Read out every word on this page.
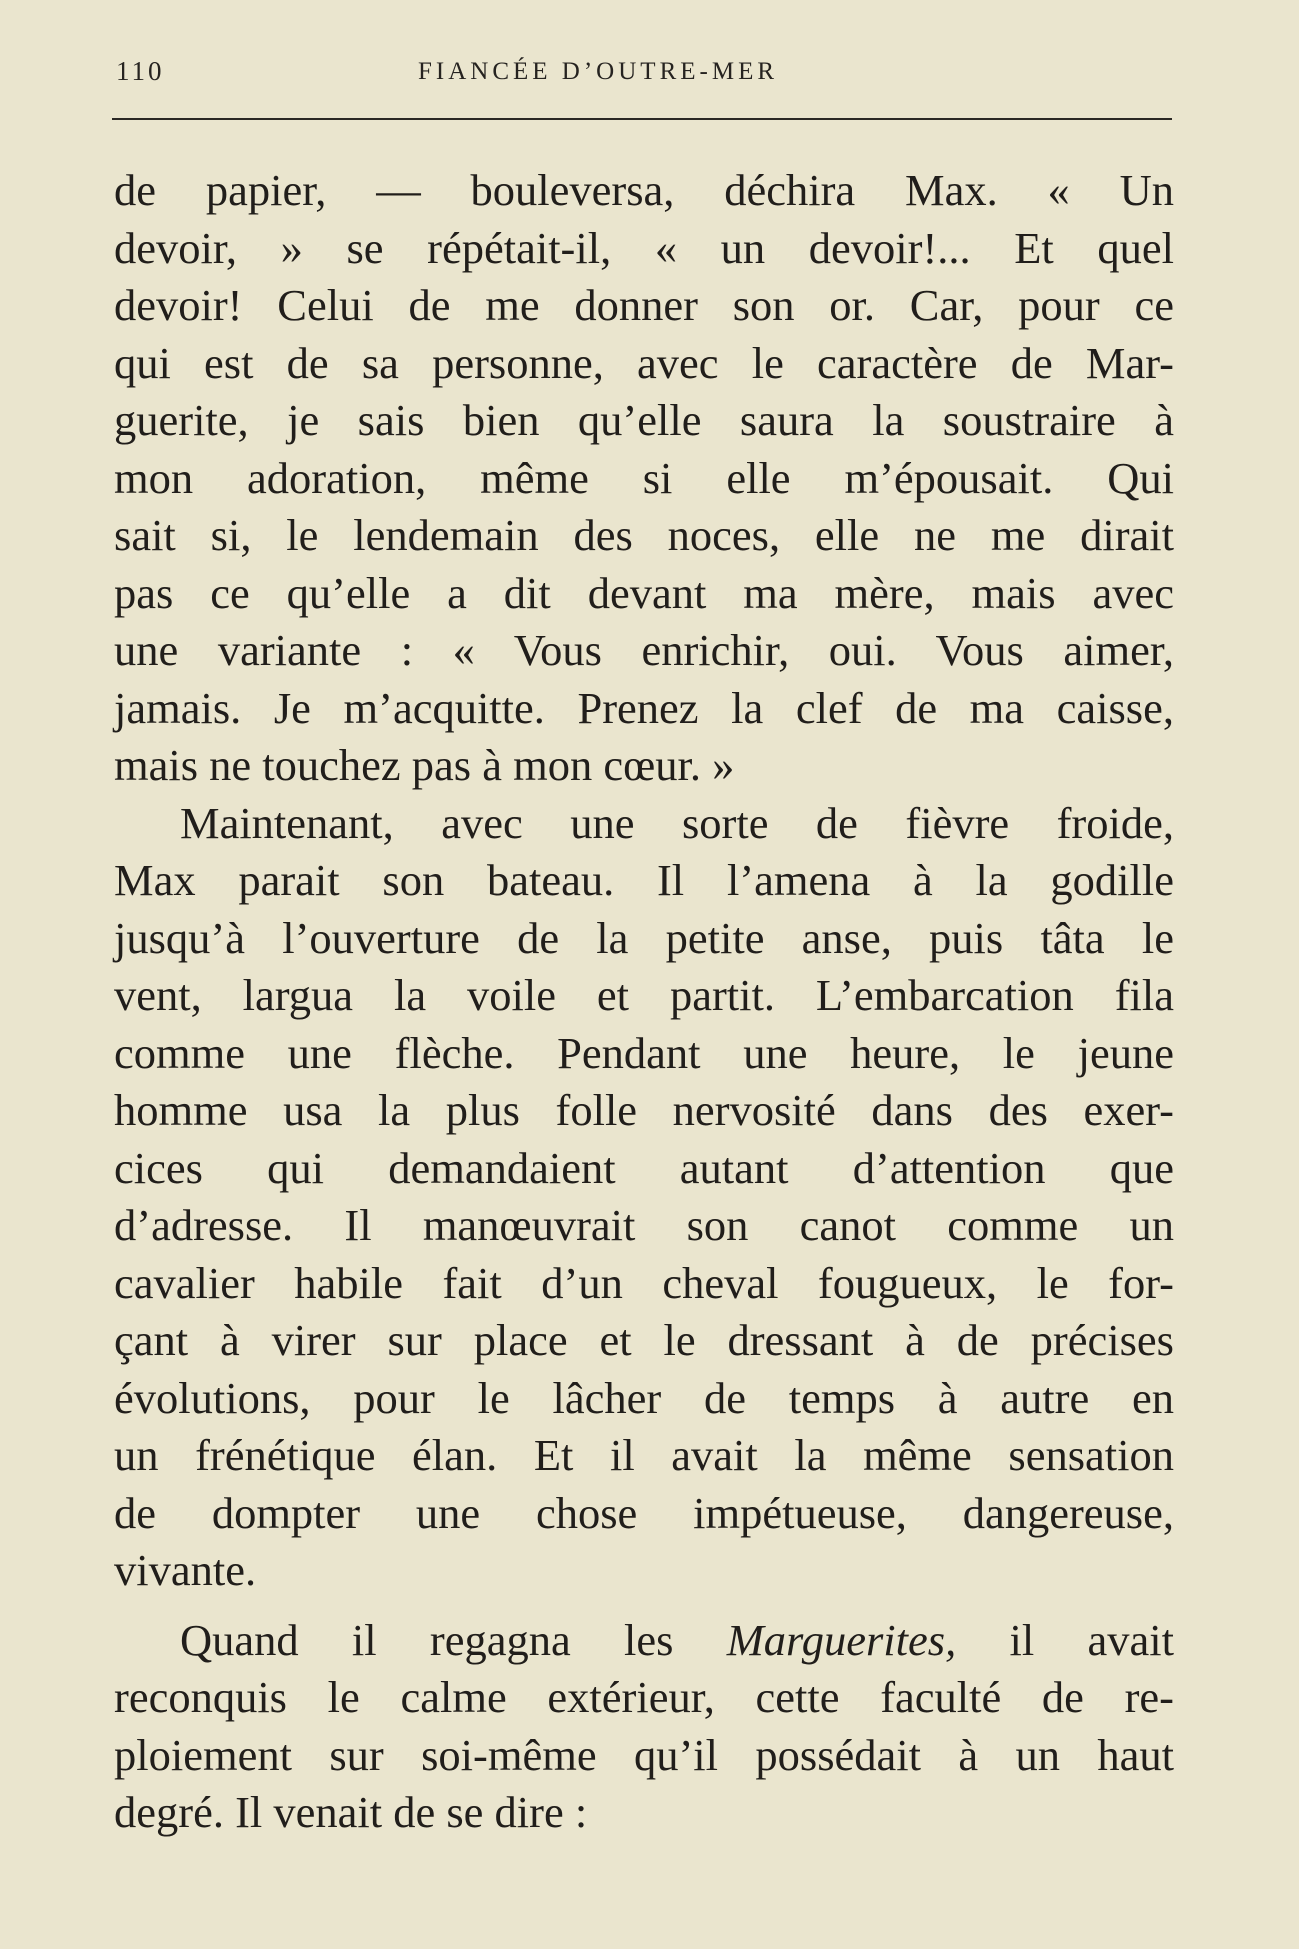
110	FIANCÉE D’OUTRE-MER
de papier, — bouleversa, déchira Max. « Un
devoir, » se répétait-il, « un devoir!... Et quel
devoir! Celui de me donner son or. Car, pour ce
qui est de sa personne, avec le caractère de Mar-
guerite, je sais bien qu’elle saura la soustraire à
mon adoration, même si elle m’épousait. Qui
sait si, le lendemain des noces, elle ne me dirait
pas ce qu’elle a dit devant ma mère, mais avec
une variante : « Vous enrichir, oui. Vous aimer,
jamais. Je m’acquitte. Prenez la clef de ma caisse,
mais ne touchez pas à mon cœur. »
Maintenant, avec une sorte de fièvre froide,
Max parait son bateau. Il l’amena à la godille
jusqu’à l’ouverture de la petite anse, puis tâta le
vent, largua la voile et partit. L’embarcation fila
comme une flèche. Pendant une heure, le jeune
homme usa la plus folle nervosité dans des exer-
cices qui demandaient autant d’attention que
d’adresse. Il manœuvrait son canot comme un
cavalier habile fait d’un cheval fougueux, le for-
çant à virer sur place et le dressant à de précises
évolutions, pour le lâcher de temps à autre en
un frénétique élan. Et il avait la même sensation
de dompter une chose impétueuse, dangereuse,
vivante.
Quand il regagna les Marguerites, il avait
reconquis le calme extérieur, cette faculté de re-
ploiement sur soi-même qu’il possédait à un haut
degré. Il venait de se dire :
